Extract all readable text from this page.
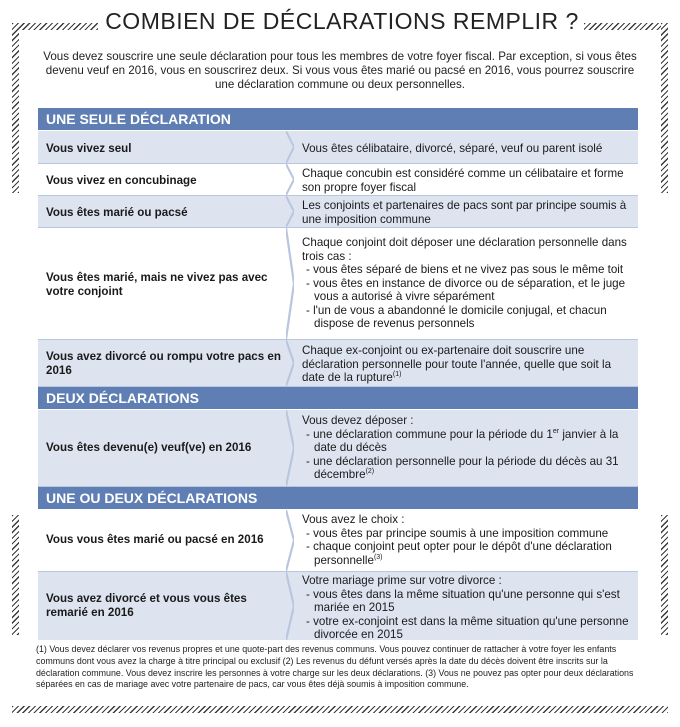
COMBIEN DE DÉCLARATIONS REMPLIR ?
Vous devez souscrire une seule déclaration pour tous les membres de votre foyer fiscal. Par exception, si vous êtes devenu veuf en 2016, vous en souscrirez deux. Si vous vous êtes marié ou pacsé en 2016, vous pourrez souscrire une déclaration commune ou deux personnelles.
UNE SEULE DÉCLARATION
Vous vivez seul	Vous êtes célibataire, divorcé, séparé, veuf ou parent isolé
Vous vivez en concubinage
Chaque concubin est considéré comme un célibataire et forme son propre foyer fiscal
Vous êtes marié ou pacsé
Les conjoints et partenaires de pacs sont par principe soumis à une imposition commune
Vous êtes marié, mais ne vivez pas avec votre conjoint

Chaque conjoint doit déposer une déclaration personnelle dans trois cas :

- vous êtes séparé de biens et ne vivez pas sous le même toit
- vous êtes en instance de divorce ou de séparation, et le juge vous a autorisé à vivre séparément
- l'un de vous a abandonné le domicile conjugal, et chacun dispose de revenus personnels
Vous avez divorcé ou rompu votre pacs en 2016
Chaque ex-conjoint ou ex-partenaire doit souscrire une déclaration personnelle pour toute l'année, quelle que soit la date de la rupture$^{(1)}$
DEUX DÉCLARATIONS
Vous êtes devenu(e) veuf(ve) en 2016

Vous devez déposer :

- une déclaration commune pour la période du 1er janvier à la date du décès
- une déclaration personnelle pour la période du décès au 31 décembre$^{(2)}$
UNE OU DEUX DÉCLARATIONS
Vous vous êtes marié ou pacsé en 2016

Vous avez le choix :

- vous êtes par principe soumis à une imposition commune
- chaque conjoint peut opter pour le dépôt d'une déclaration personnelle$^{(3)}$
Vous avez divorcé et vous vous êtes remarié en 2016

Votre mariage prime sur votre divorce :

- vous êtes dans la même situation qu'une personne qui s'est mariée en 2015
- votre ex-conjoint est dans la même situation qu'une personne divorcée en 2015
(1) Vous devez déclarer vos revenus propres et une quote-part des revenus communs. Vous pouvez continuer de rattacher à votre foyer les enfants communs dont vous avez la charge à titre principal ou exclusif (2) Les revenus du défunt versés après la date du décès doivent être inscrits sur la déclaration commune. Vous devez inscrire les personnes à votre charge sur les deux déclarations. (3) Vous ne pouvez pas opter pour deux déclarations séparées en cas de mariage avec votre partenaire de pacs, car vous êtes déjà soumis à imposition commune.
